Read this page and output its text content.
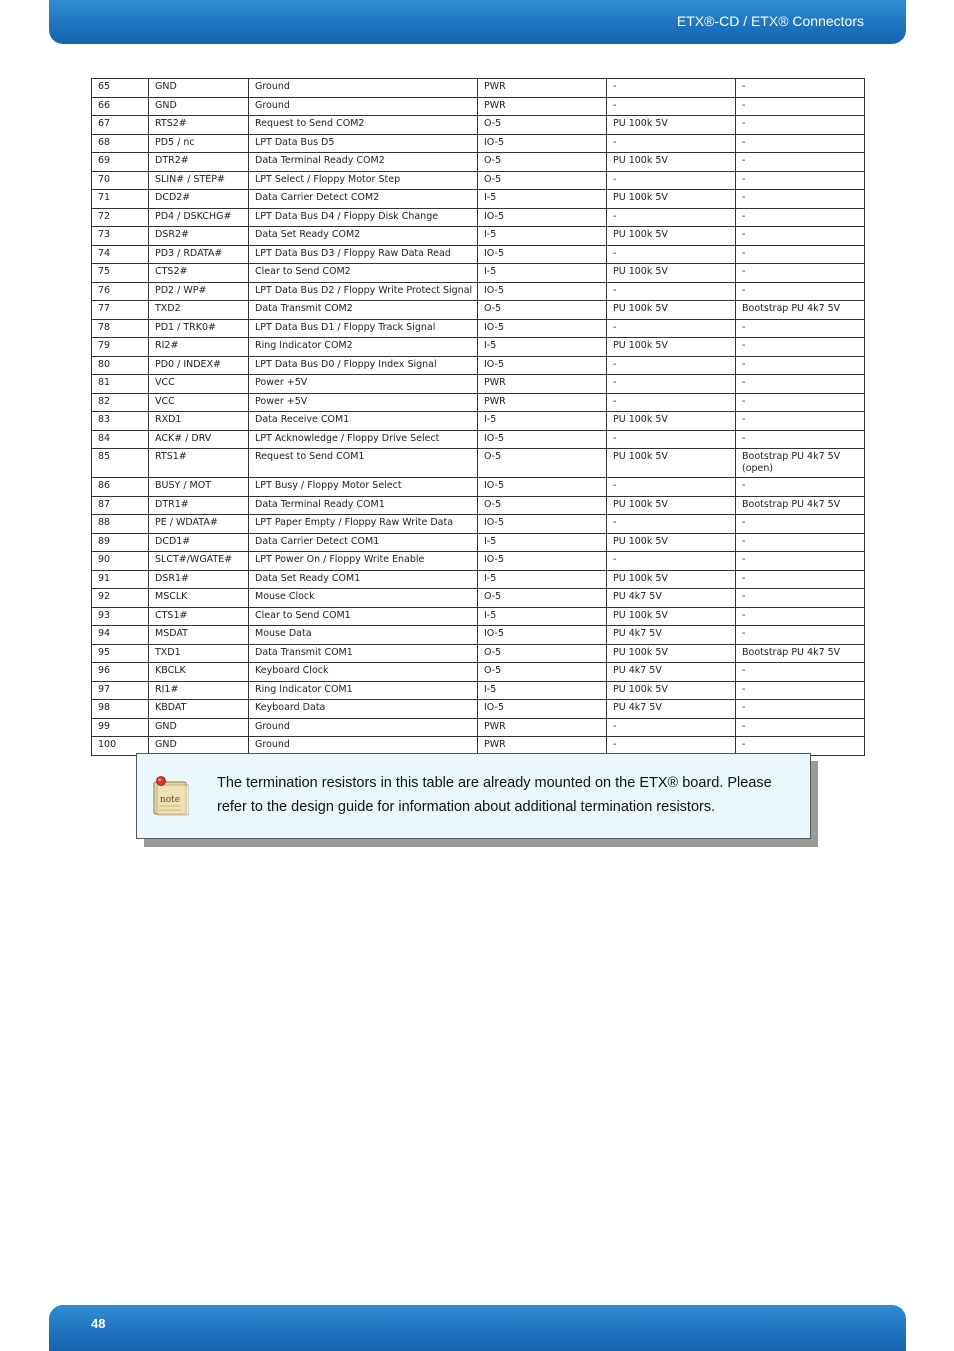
ETX®-CD / ETX® Connectors
65	GND	Ground	PWR	-	-
66	GND	Ground	PWR	-	-
67	RTS2#	Request to Send COM2	O-5	PU 100k 5V	-
68	PD5 / nc	LPT Data Bus D5	IO-5	-	-
69	DTR2#	Data Terminal Ready COM2	O-5	PU 100k 5V	-
70	SLIN# / STEP#	LPT Select / Floppy Motor Step	O-5	-	-
71	DCD2#	Data Carrier Detect COM2	I-5	PU 100k 5V	-
72	PD4 / DSKCHG#	LPT Data Bus D4 / Floppy Disk Change	IO-5	-	-
73	DSR2#	Data Set Ready COM2	I-5	PU 100k 5V	-
74	PD3 / RDATA#	LPT Data Bus D3 / Floppy Raw Data Read	IO-5	-	-
75	CTS2#	Clear to Send COM2	I-5	PU 100k 5V	-
76	PD2 / WP#	LPT Data Bus D2 / Floppy Write Protect Signal	IO-5	-	-
77	TXD2	Data Transmit COM2	O-5	PU 100k 5V	Bootstrap PU 4k7 5V
78	PD1 / TRK0#	LPT Data Bus D1 / Floppy Track Signal	IO-5	-	-
79	RI2#	Ring Indicator COM2	I-5	PU 100k 5V	-
80	PD0 / INDEX#	LPT Data Bus D0 / Floppy Index Signal	IO-5	-	-
81	VCC	Power +5V	PWR	-	-
82	VCC	Power +5V	PWR	-	-
83	RXD1	Data Receive COM1	I-5	PU 100k 5V	-
84	ACK# / DRV	LPT Acknowledge / Floppy Drive Select	IO-5	-	-
85	RTS1#	Request to Send COM1	O-5	PU 100k 5V	Bootstrap PU 4k7 5V (open)
86	BUSY / MOT	LPT Busy / Floppy Motor Select	IO-5	-	-
87	DTR1#	Data Terminal Ready COM1	O-5	PU 100k 5V	Bootstrap PU 4k7 5V
88	PE / WDATA#	LPT Paper Empty / Floppy Raw Write Data	IO-5	-	-
89	DCD1#	Data Carrier Detect COM1	I-5	PU 100k 5V	-
90	SLCT#/WGATE#	LPT Power On / Floppy Write Enable	IO-5	-	-
91	DSR1#	Data Set Ready COM1	I-5	PU 100k 5V	-
92	MSCLK	Mouse Clock	O-5	PU 4k7 5V	-
93	CTS1#	Clear to Send COM1	I-5	PU 100k 5V	-
94	MSDAT	Mouse Data	IO-5	PU 4k7 5V	-
95	TXD1	Data Transmit COM1	O-5	PU 100k 5V	Bootstrap PU 4k7 5V
96	KBCLK	Keyboard Clock	O-5	PU 4k7 5V	-
97	RI1#	Ring Indicator COM1	I-5	PU 100k 5V	-
98	KBDAT	Keyboard Data	IO-5	PU 4k7 5V	-
99	GND	Ground	PWR	-	-
100	GND	Ground	PWR	-	-
note
The termination resistors in this table are already mounted on the ETX® board. Please refer to the design guide for information about additional termination resistors.
48
